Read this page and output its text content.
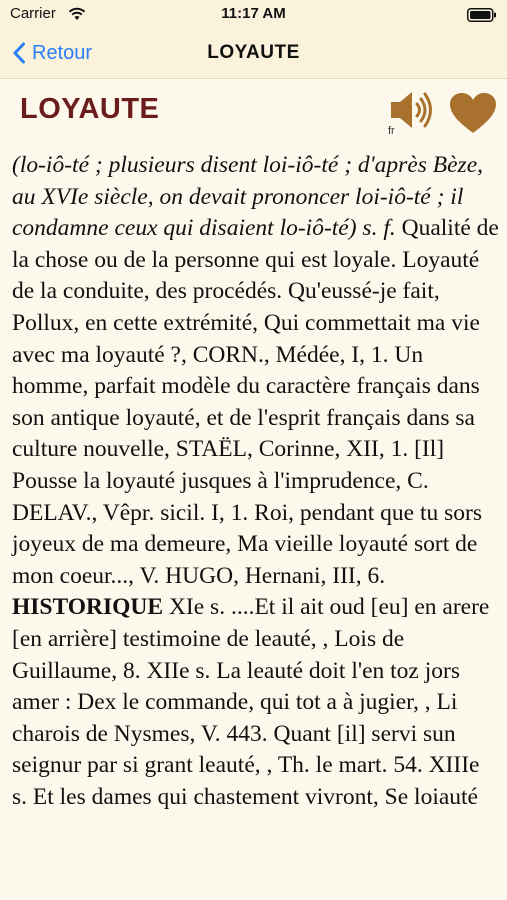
Carrier	11:17 AM
Retour	LOYAUTE
LOYAUTE
fr

(lo-iô-té ; plusieurs disent loi-iô-té ; d'après Bèze, au XVIe siècle, on devait prononcer loi-iô-té ; il condamne ceux qui disaient lo-iô-té) s. f. Qualité de la chose ou de la personne qui est loyale. Loyauté de la conduite, des procédés. Qu'eussé-je fait, Pollux, en cette extrémité, Qui commettait ma vie avec ma loyauté ?, CORN., Médée, I, 1. Un homme, parfait modèle du caractère français dans son antique loyauté, et de l'esprit français dans sa culture nouvelle, STAËL, Corinne, XII, 1. [Il] Pousse la loyauté jusques à l'imprudence, C. DELAV., Vêpr. sicil. I, 1. Roi, pendant que tu sors joyeux de ma demeure, Ma vieille loyauté sort de mon coeur..., V. HUGO, Hernani, III, 6. HISTORIQUE XIe s. ....Et il ait oud [eu] en arere [en arrière] testimoine de leauté, , Lois de Guillaume, 8. XIIe s. La leauté doit l'en toz jors amer : Dex le commande, qui tot a à jugier, , Li charois de Nysmes, V. 443. Quant [il] servi sun seignur par si grant leauté, , Th. le mart. 54. XIIIe s. Et les dames qui chastement vivront, Se loiauté
